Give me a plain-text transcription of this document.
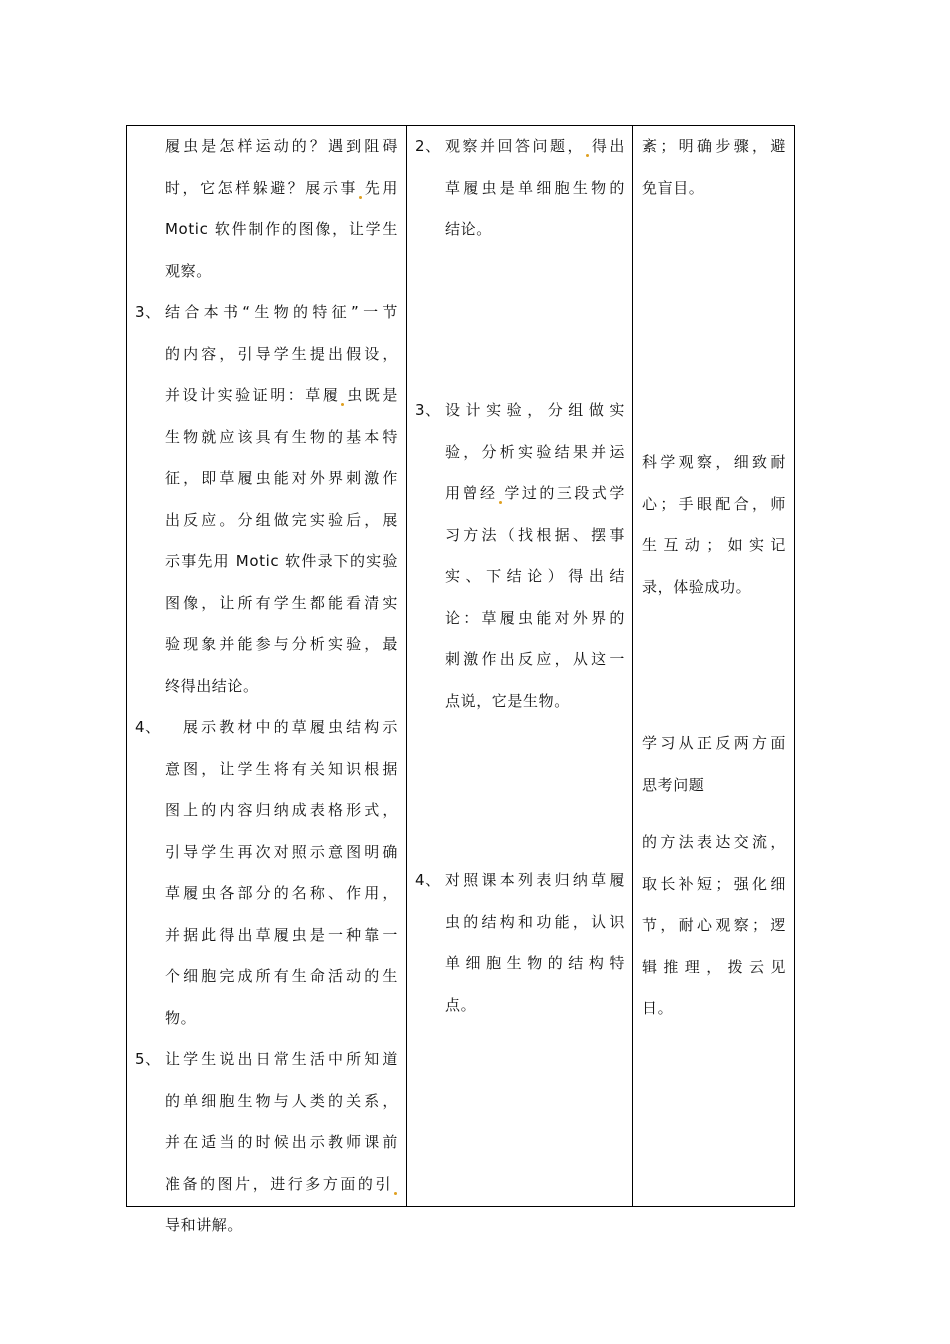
履虫是怎样运动的？遇到阻碍
时，它怎样躲避？展示事 先用
Motic 软件制作的图像，让学生
观察。
3、 结合本书“生物的特征”一节
的内容，引导学生提出假设，
并设计实验证明：草履 虫既是
生物就应该具有生物的基本特
征，即草履虫能对外界刺激作
出反应。分组做完实验后，展
示事先用 Motic 软件录下的实验
图像，让所有学生都能看清实
验现象并能参与分析实验，最
终得出结论。
4、	展示教材中的草履虫结构示
意图，让学生将有关知识根据
图上的内容归纳成表格形式，
引导学生再次对照示意图明确
草履虫各部分的名称、作用，
并据此得出草履虫是一种靠一
个细胞完成所有生命活动的生
物。
5、 让学生说出日常生活中所知道
的单细胞生物与人类的关系，
并在适当的时候出示教师课前
准备的图片，进行多方面的引
导和讲解。
2、 观察并回答问题， 得出
草履虫是单细胞生物的
结论。
3、 设计实验，分组做实
验，分析实验结果并运
用曾经 学过的三段式学
习方法（找根据、摆事
实、下结论）得出结
论：草履虫能对外界的
刺激作出反应，从这一
点说，它是生物。
4、 对照课本列表归纳草履
虫的结构和功能，认识
单细胞生物的结构特
点。
紊；明确步骤，避
免盲目。
科学观察，细致耐
心；手眼配合，师
生互动；如实记
录，体验成功。
学习从正反两方面
思考问题
的方法表达交流，
取长补短；强化细
节，耐心观察；逻
辑推理，拨云见
日。
